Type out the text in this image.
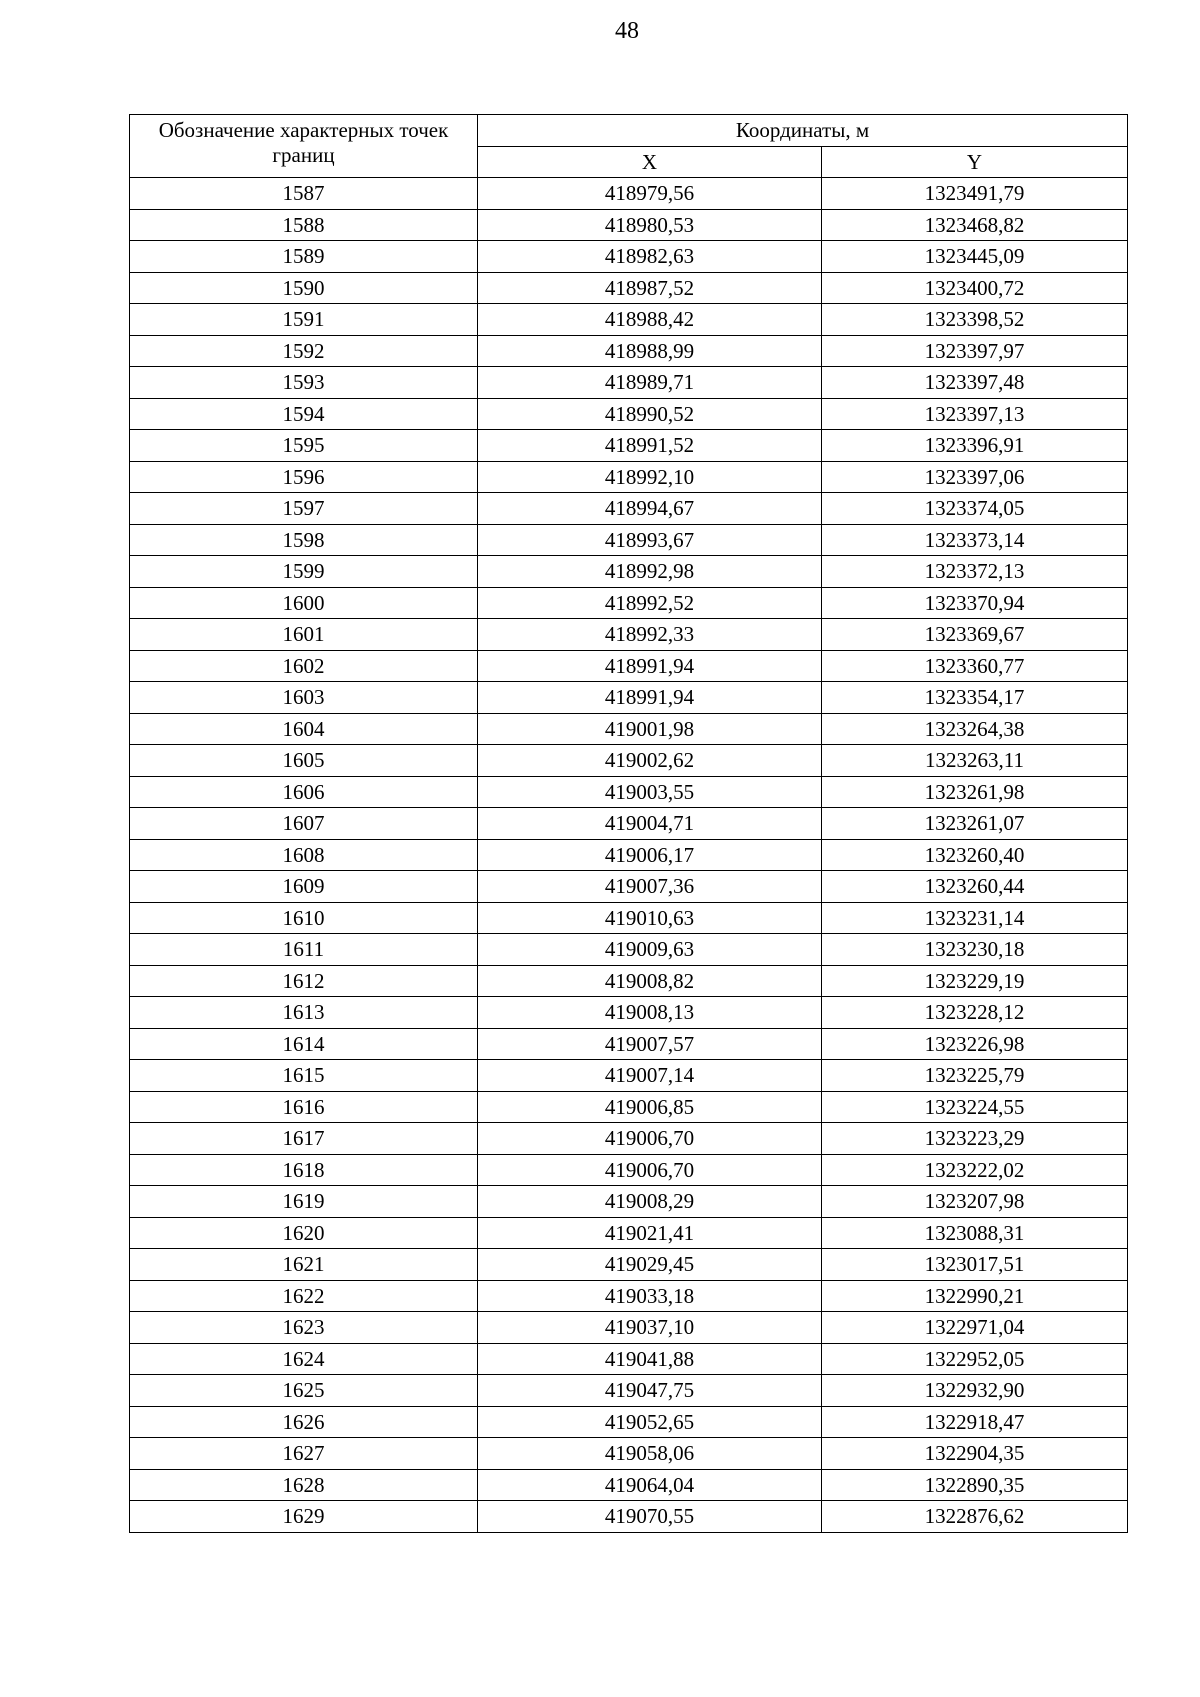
48
Обозначение характерных точек границ	Координаты, м	
	X	Y
1587	418979,56	1323491,79
1588	418980,53	1323468,82
1589	418982,63	1323445,09
1590	418987,52	1323400,72
1591	418988,42	1323398,52
1592	418988,99	1323397,97
1593	418989,71	1323397,48
1594	418990,52	1323397,13
1595	418991,52	1323396,91
1596	418992,10	1323397,06
1597	418994,67	1323374,05
1598	418993,67	1323373,14
1599	418992,98	1323372,13
1600	418992,52	1323370,94
1601	418992,33	1323369,67
1602	418991,94	1323360,77
1603	418991,94	1323354,17
1604	419001,98	1323264,38
1605	419002,62	1323263,11
1606	419003,55	1323261,98
1607	419004,71	1323261,07
1608	419006,17	1323260,40
1609	419007,36	1323260,44
1610	419010,63	1323231,14
1611	419009,63	1323230,18
1612	419008,82	1323229,19
1613	419008,13	1323228,12
1614	419007,57	1323226,98
1615	419007,14	1323225,79
1616	419006,85	1323224,55
1617	419006,70	1323223,29
1618	419006,70	1323222,02
1619	419008,29	1323207,98
1620	419021,41	1323088,31
1621	419029,45	1323017,51
1622	419033,18	1322990,21
1623	419037,10	1322971,04
1624	419041,88	1322952,05
1625	419047,75	1322932,90
1626	419052,65	1322918,47
1627	419058,06	1322904,35
1628	419064,04	1322890,35
1629	419070,55	1322876,62
